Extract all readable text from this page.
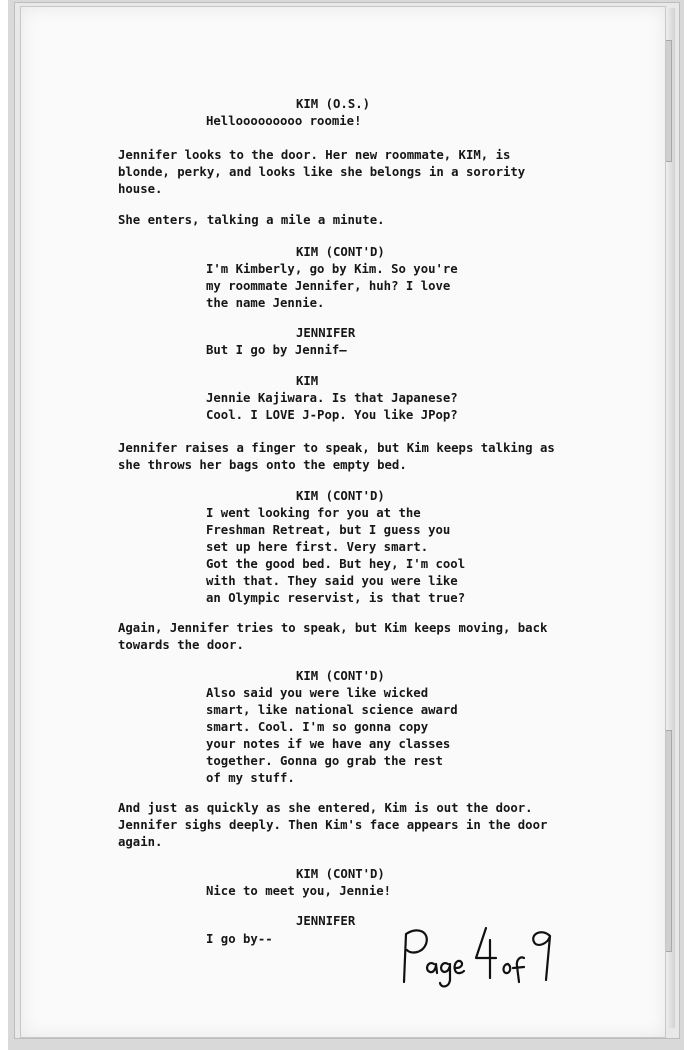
KIM (O.S.)
Hellooooooooo roomie!
Jennifer looks to the door. Her new roommate, KIM, is
blonde, perky, and looks like she belongs in a sorority
house.
She enters, talking a mile a minute.
KIM (CONT'D)
I'm Kimberly, go by Kim. So you're
my roommate Jennifer, huh? I love
the name Jennie.
JENNIFER
But I go by Jennif—
KIM
Jennie Kajiwara. Is that Japanese?
Cool. I LOVE J-Pop. You like JPop?
Jennifer raises a finger to speak, but Kim keeps talking as
she throws her bags onto the empty bed.
KIM (CONT'D)
I went looking for you at the
Freshman Retreat, but I guess you
set up here first. Very smart.
Got the good bed. But hey, I'm cool
with that. They said you were like
an Olympic reservist, is that true?
Again, Jennifer tries to speak, but Kim keeps moving, back
towards the door.
KIM (CONT'D)
Also said you were like wicked
smart, like national science award
smart. Cool. I'm so gonna copy
your notes if we have any classes
together. Gonna go grab the rest
of my stuff.
And just as quickly as she entered, Kim is out the door.
Jennifer sighs deeply. Then Kim's face appears in the door
again.
KIM (CONT'D)
Nice to meet you, Jennie!
JENNIFER
I go by--
